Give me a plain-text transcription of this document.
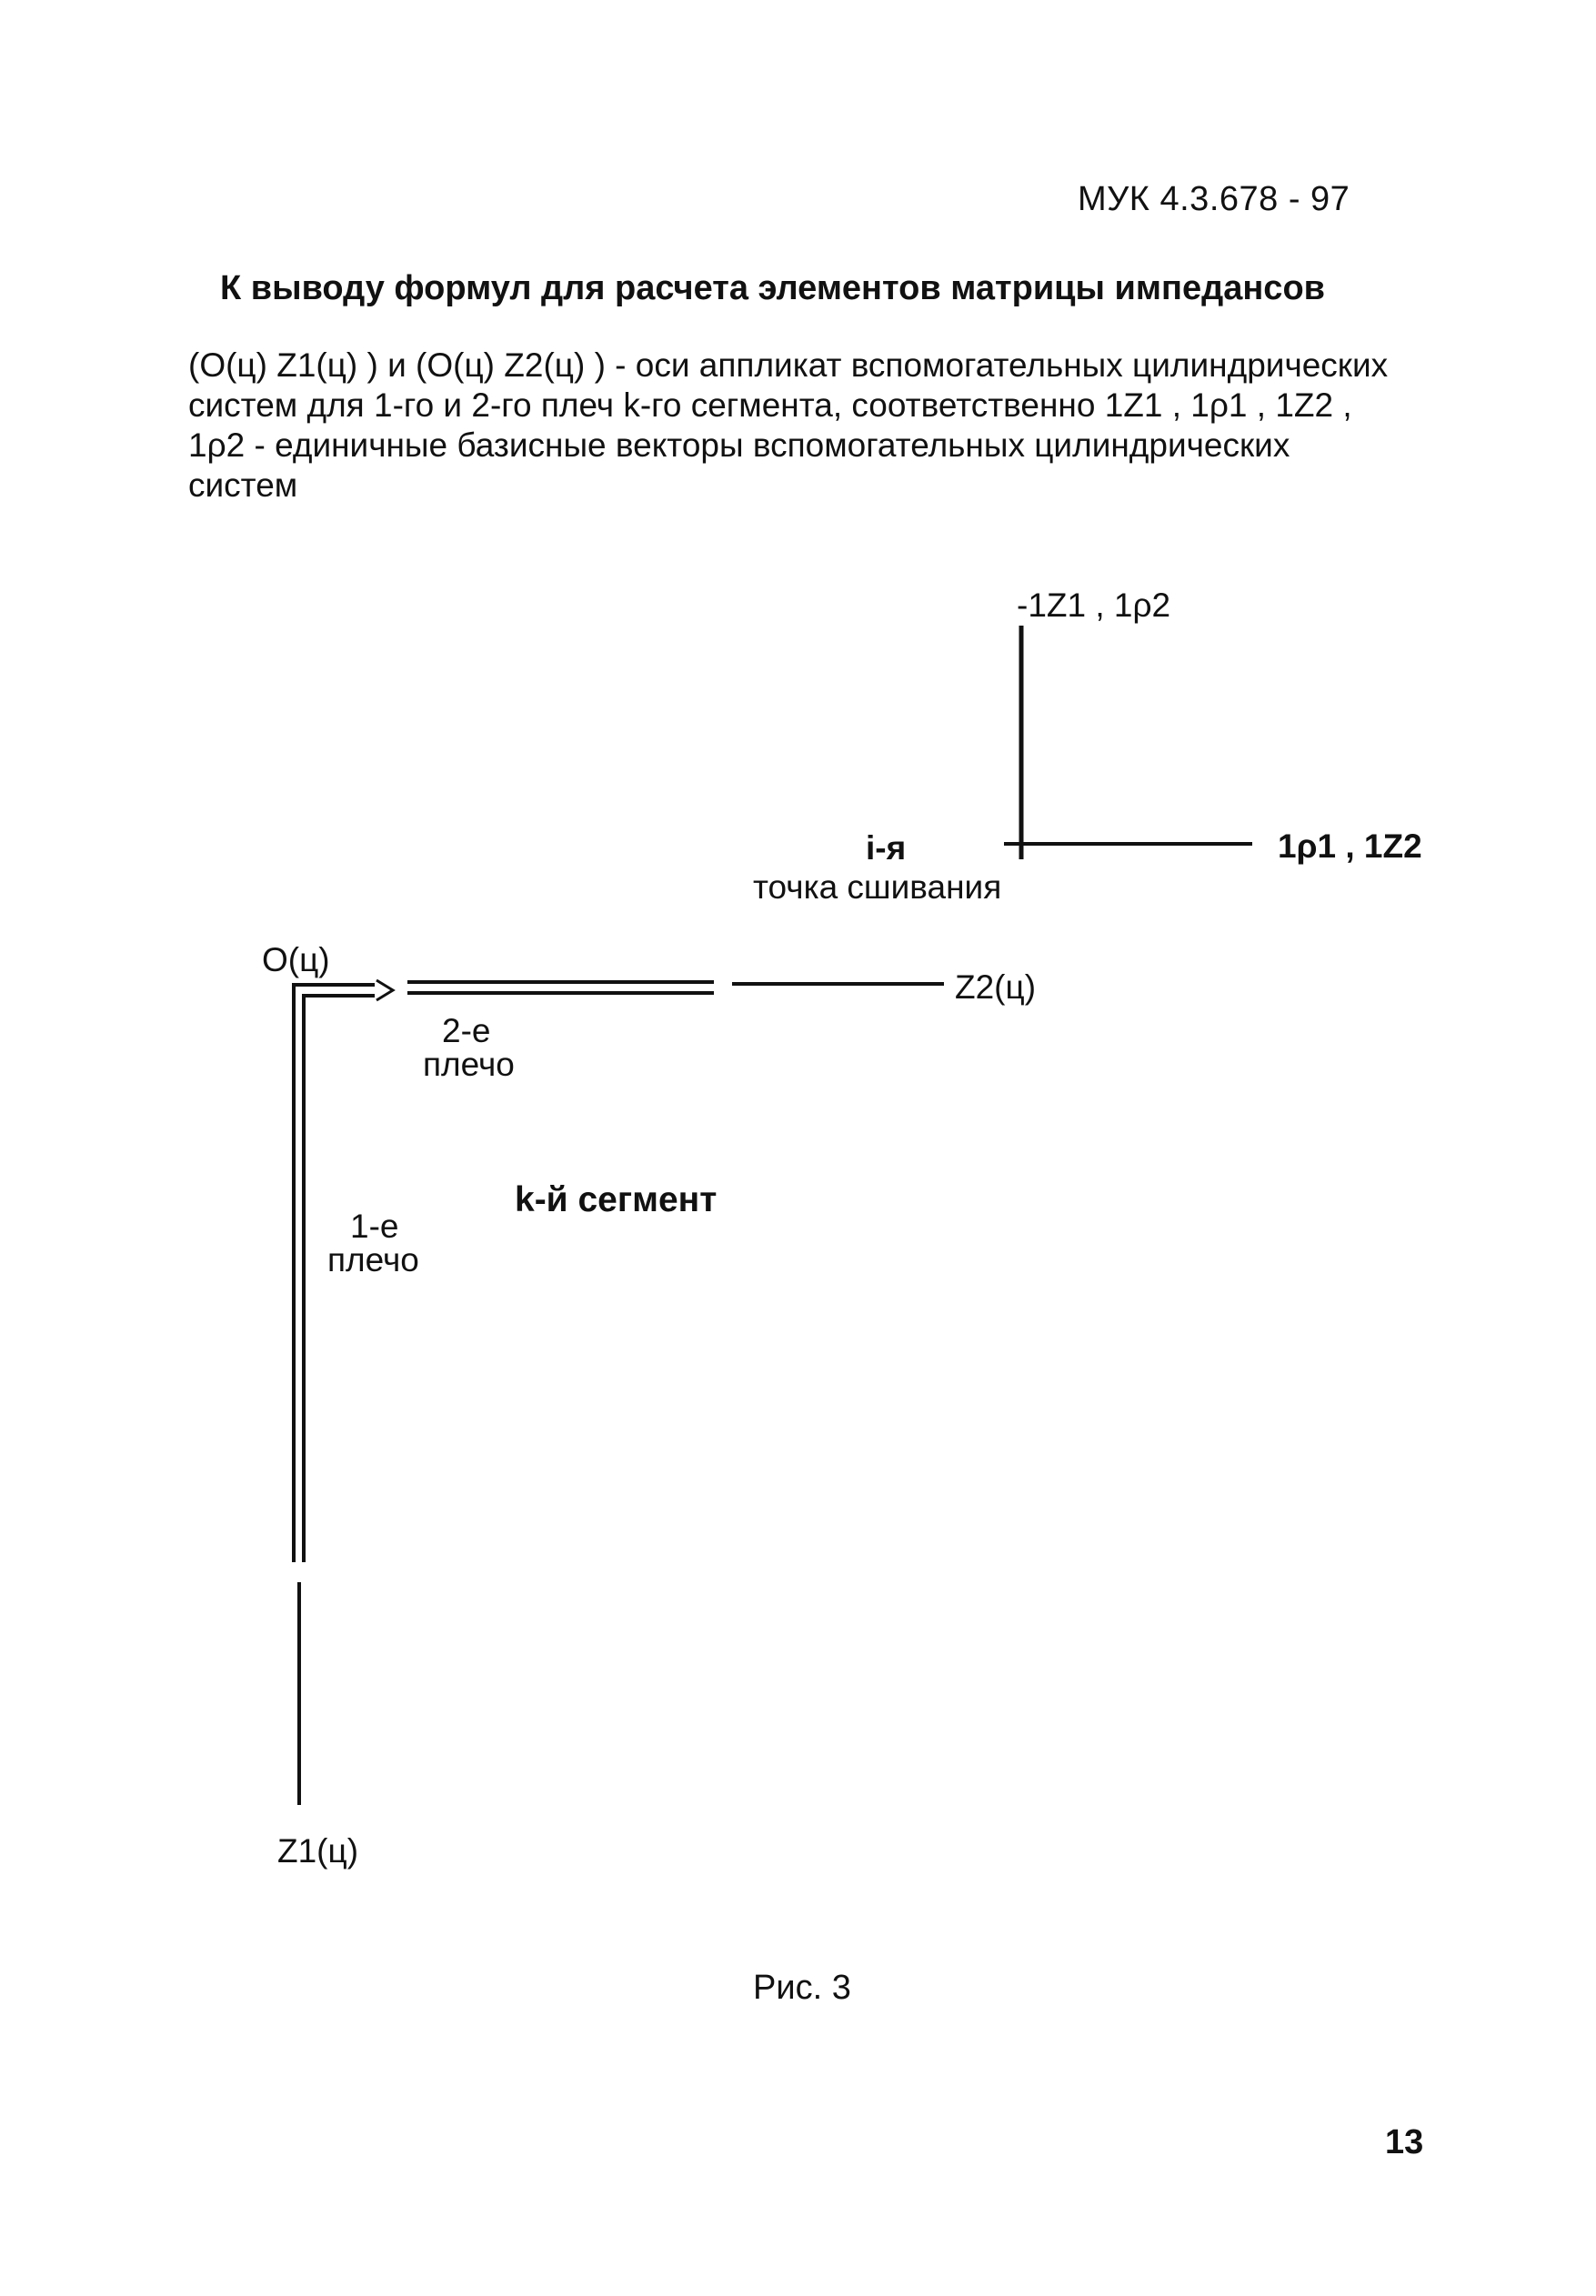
МУК 4.3.678 - 97
К выводу формул для расчета элементов матрицы импедансов
(O(ц) Z1(ц) ) и (O(ц) Z2(ц) ) - оси аппликат вспомогательных цилиндрических
систем для 1-го и 2-го плеч k-го сегмента, соответственно 1Z1 , 1ρ1 , 1Z2 ,
1ρ2 - единичные базисные векторы вспомогательных цилиндрических
систем
-1Z1 , 1ρ2
1ρ1 , 1Z2
i-я
точка сшивания
O(ц)
Z2(ц)
Z1(ц)
2-е
плечо
1-е
плечо
k-й сегмент
Рис. 3
13
